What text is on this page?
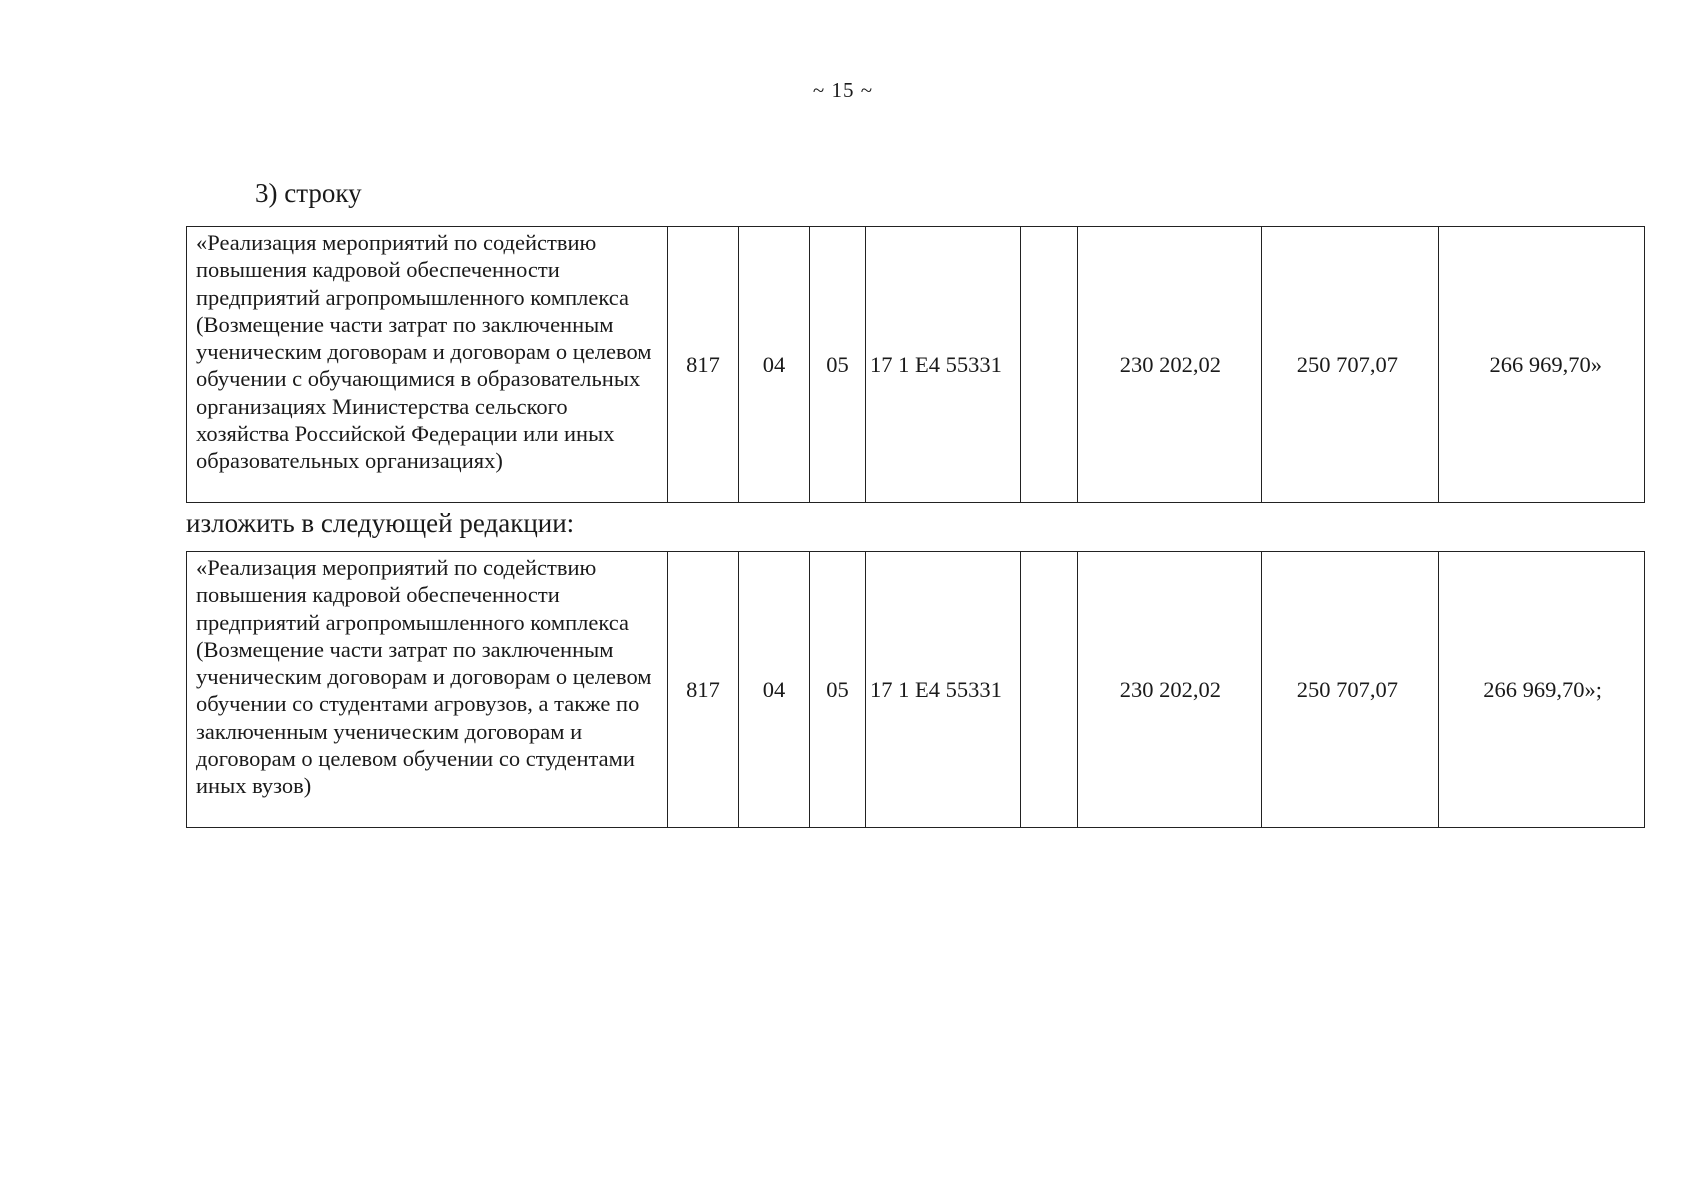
~ 15 ~
3) строку
«Реализация мероприятий по содействию повышения кадровой обеспеченности предприятий агропромышленного комплекса (Возмещение части затрат по заключенным ученическим договорам и договорам о целевом обучении с обучающимися в образовательных организациях Министерства сельского хозяйства Российской Федерации или иных образовательных организациях)	817	04	05	17 1 Е4 55331		230 202,02	250 707,07	266 969,70»
изложить в следующей редакции:
«Реализация мероприятий по содействию повышения кадровой обеспеченности предприятий агропромышленного комплекса (Возмещение части затрат по заключенным ученическим договорам и договорам о целевом обучении со студентами агровузов, а также по заключенным ученическим договорам и договорам о целевом обучении со студентами иных вузов)	817	04	05	17 1 Е4 55331		230 202,02	250 707,07	266 969,70»;
